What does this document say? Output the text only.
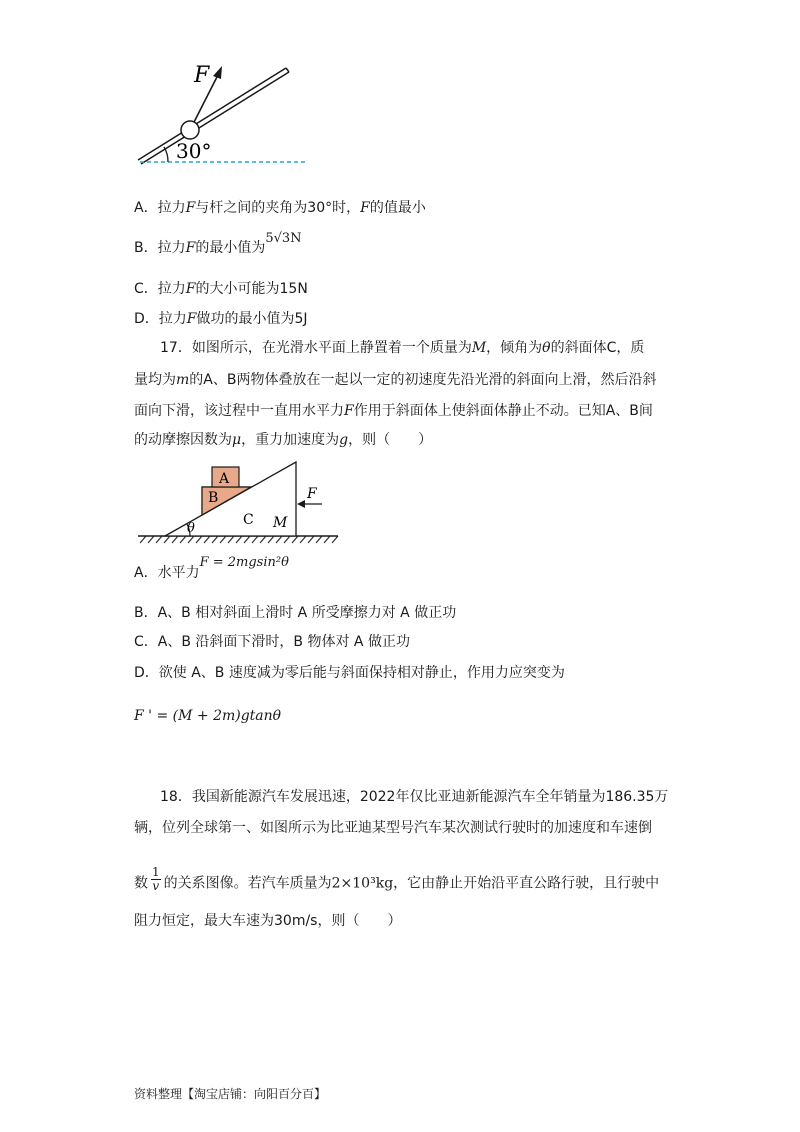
F
30°
A．拉力F与杆之间的夹角为30°时，F的值最小
B．拉力F的最小值为5√3N
C．拉力F的大小可能为15N
D．拉力F做功的最小值为5J
17．如图所示，在光滑水平面上静置着一个质量为M，倾角为θ的斜面体C，质
量均为m的A、B两物体叠放在一起以一定的初速度先沿光滑的斜面向上滑，然后沿斜
面向下滑，该过程中一直用水平力F作用于斜面体上使斜面体静止不动。已知A、B间
的动摩擦因数为μ，重力加速度为g，则（　　）
A
B
C M
F
θ
A．水平力F = 2mgsin²θ
B．A、B 相对斜面上滑时 A 所受摩擦力对 A 做正功
C．A、B 沿斜面下滑时，B 物体对 A 做正功
D．欲使 A、B 速度减为零后能与斜面保持相对静止，作用力应突变为
F ' = (M + 2m)gtanθ
18．我国新能源汽车发展迅速，2022年仅比亚迪新能源汽车全年销量为186.35万
辆，位列全球第一、如图所示为比亚迪某型号汽车某次测试行驶时的加速度和车速倒
数 $\frac{1}{v}$ 的关系图像。若汽车质量为2×10³kg，它由静止开始沿平直公路行驶，且行驶中
阻力恒定，最大车速为30m/s，则（　　）
资料整理【淘宝店铺：向阳百分百】
